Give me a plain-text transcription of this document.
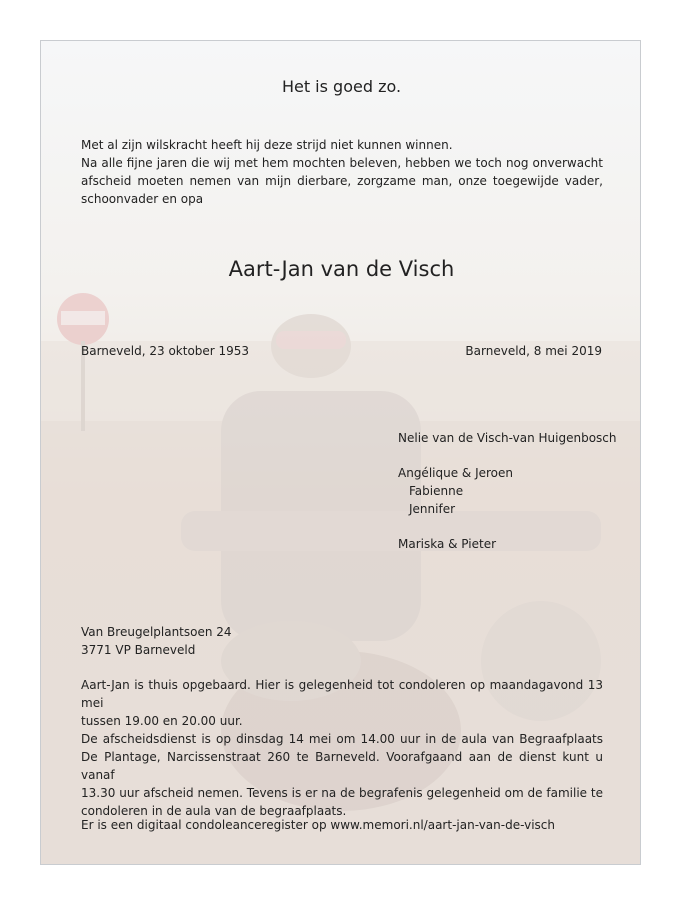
Het is goed zo.
Met al zijn wilskracht heeft hij deze strijd niet kunnen winnen.
Na alle fijne jaren die wij met hem mochten beleven, hebben we toch nog onverwacht
afscheid moeten nemen van mijn dierbare, zorgzame man, onze toegewijde vader,
schoonvader en opa
Aart-Jan van de Visch
Barneveld, 23 oktober 1953	Barneveld, 8 mei 2019
Nelie van de Visch-van Huigenbosch
Angélique & Jeroen
Fabienne
Jennifer
Mariska & Pieter
Van Breugelplantsoen 24
3771 VP Barneveld
Aart-Jan is thuis opgebaard. Hier is gelegenheid tot condoleren op maandagavond 13 mei
tussen 19.00 en 20.00 uur.
De afscheidsdienst is op dinsdag 14 mei om 14.00 uur in de aula van Begraafplaats
De Plantage, Narcissenstraat 260 te Barneveld. Voorafgaand aan de dienst kunt u vanaf
13.30 uur afscheid nemen. Tevens is er na de begrafenis gelegenheid om de familie te
condoleren in de aula van de begraafplaats.
Er is een digitaal condoleanceregister op www.memori.nl/aart-jan-van-de-visch
